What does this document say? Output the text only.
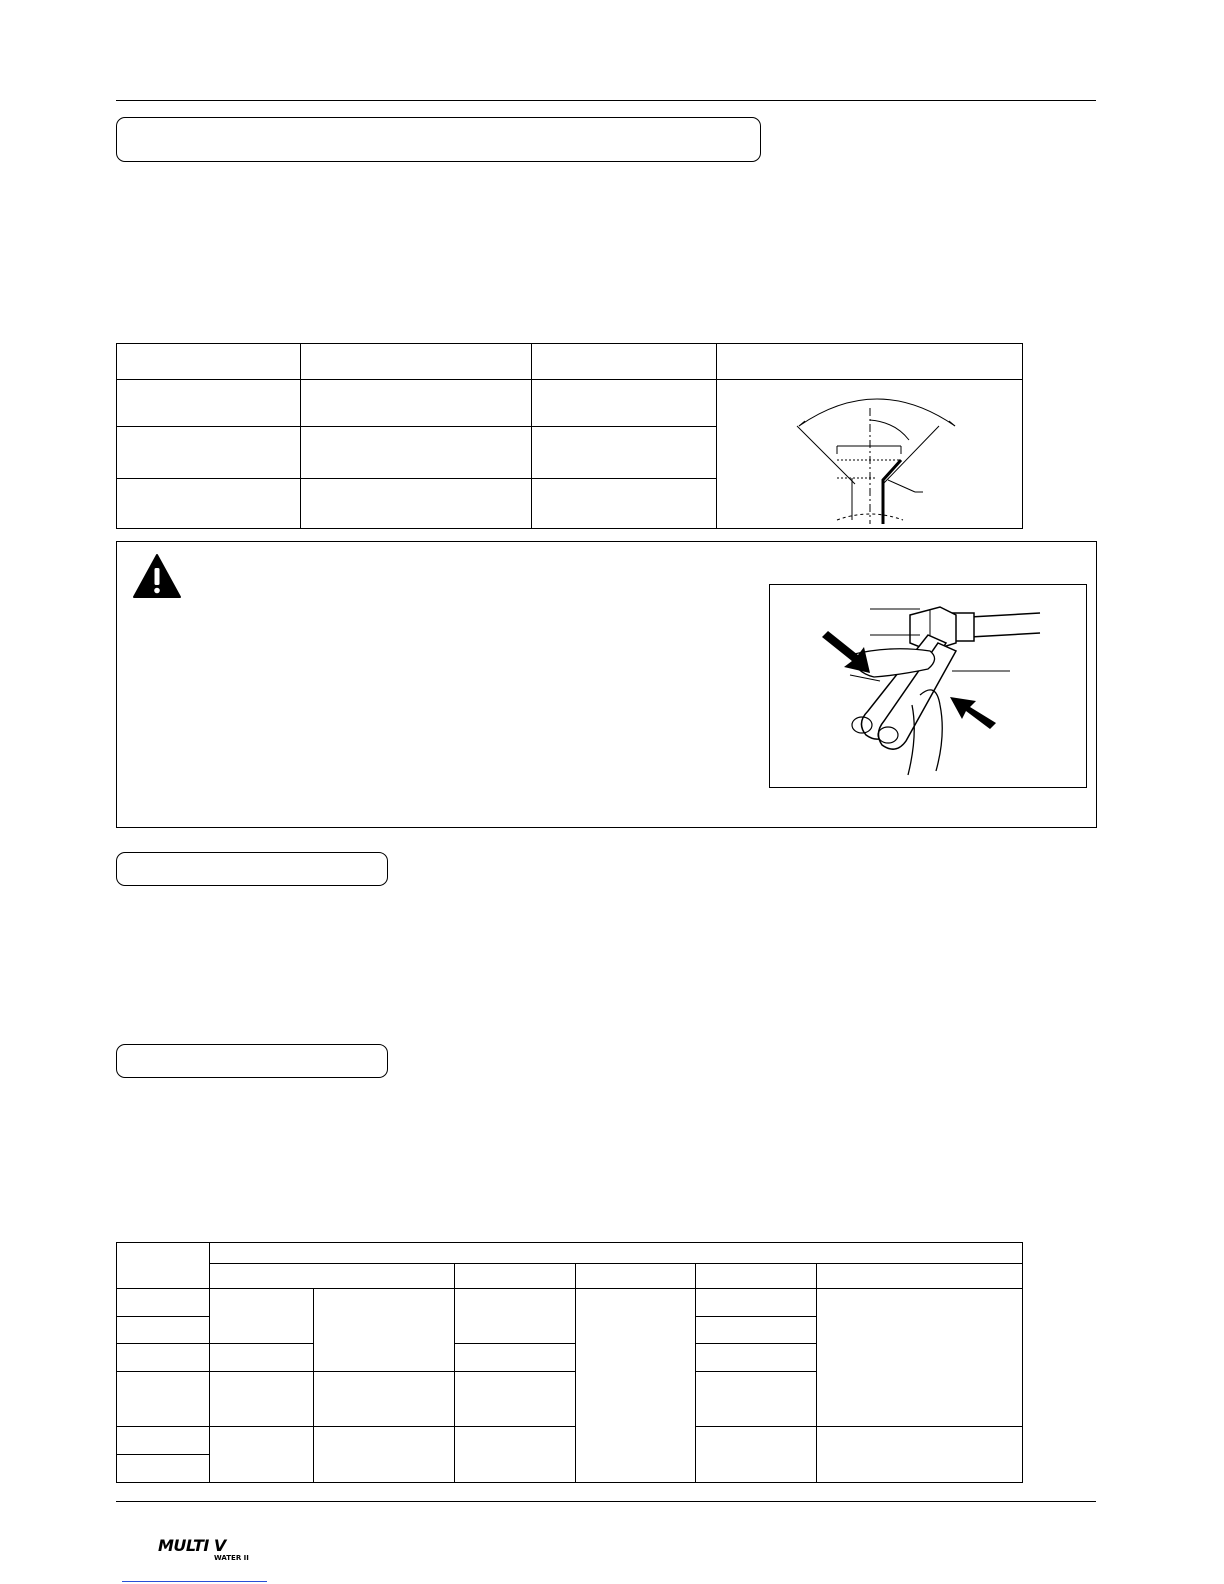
MULTI V
WATER II
